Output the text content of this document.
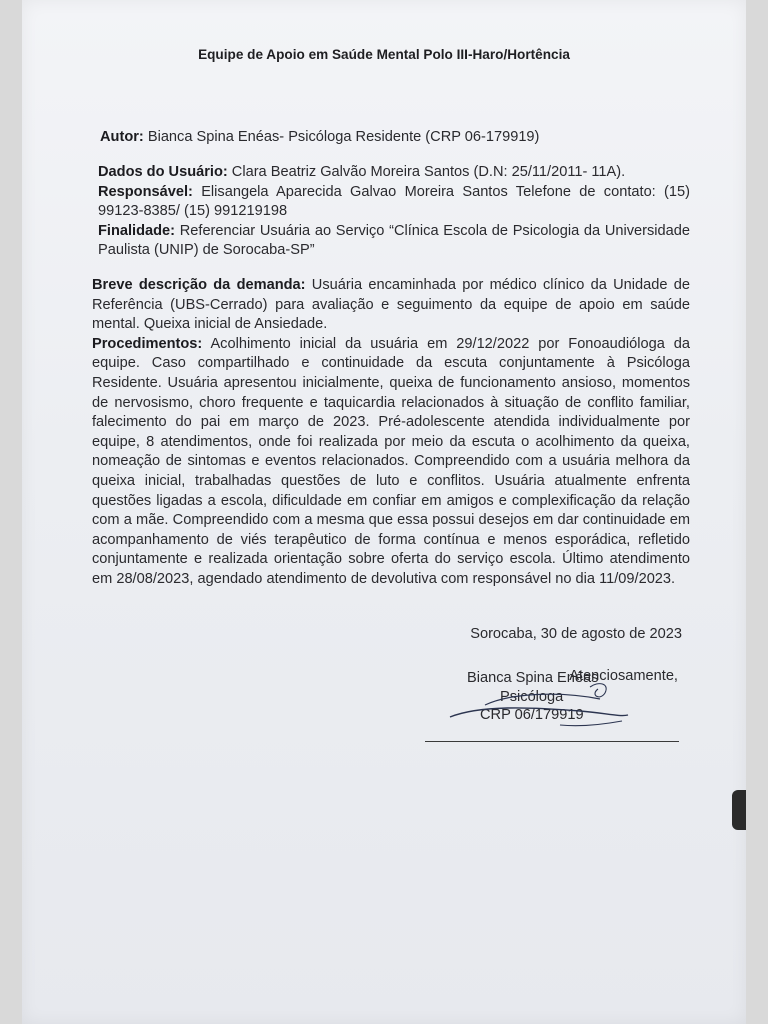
Equipe de Apoio em Saúde Mental Polo III-Haro/Hortência
Autor: Bianca Spina Enéas- Psicóloga Residente (CRP 06-179919)
Dados do Usuário: Clara Beatriz Galvão Moreira Santos (D.N: 25/11/2011- 11A).
Responsável: Elisangela Aparecida Galvao Moreira Santos Telefone de contato: (15) 99123-8385/ (15) 991219198
Finalidade: Referenciar Usuária ao Serviço “Clínica Escola de Psicologia da Universidade Paulista (UNIP) de Sorocaba-SP”
Breve descrição da demanda: Usuária encaminhada por médico clínico da Unidade de Referência (UBS-Cerrado) para avaliação e seguimento da equipe de apoio em saúde mental. Queixa inicial de Ansiedade.
Procedimentos: Acolhimento inicial da usuária em 29/12/2022 por Fonoaudióloga da equipe. Caso compartilhado e continuidade da escuta conjuntamente à Psicóloga Residente. Usuária apresentou inicialmente, queixa de funcionamento ansioso, momentos de nervosismo, choro frequente e taquicardia relacionados à situação de conflito familiar, falecimento do pai em março de 2023. Pré-adolescente atendida individualmente por equipe, 8 atendimentos, onde foi realizada por meio da escuta o acolhimento da queixa, nomeação de sintomas e eventos relacionados. Compreendido com a usuária melhora da queixa inicial, trabalhadas questões de luto e conflitos. Usuária atualmente enfrenta questões ligadas a escola, dificuldade em confiar em amigos e complexificação da relação com a mãe. Compreendido com a mesma que essa possui desejos em dar continuidade em acompanhamento de viés terapêutico de forma contínua e menos esporádica, refletido conjuntamente e realizada orientação sobre oferta do serviço escola. Último atendimento em 28/08/2023, agendado atendimento de devolutiva com responsável no dia 11/09/2023.
Sorocaba, 30 de agosto de 2023
Atenciosamente,
Bianca Spina Enéas
Psicóloga
CRP 06/179919
